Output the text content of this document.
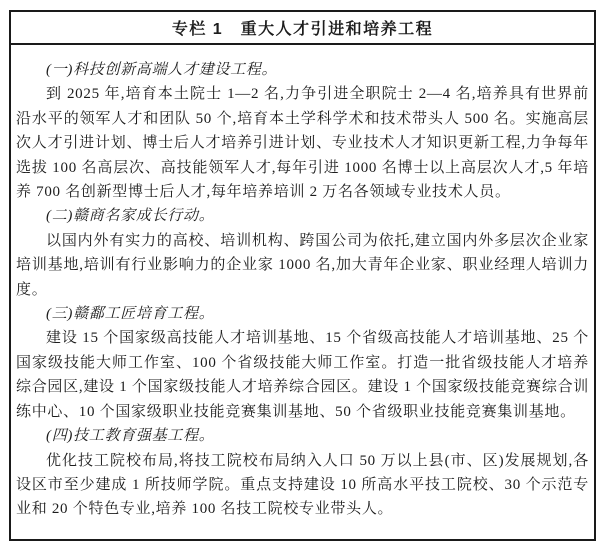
专栏 1　重大人才引进和培养工程

(一)科技创新高端人才建设工程。

到 2025 年,培育本土院士 1—2 名,力争引进全职院士 2—4 名,培养具有世界前沿水平的领军人才和团队 50 个,培育本土学科学术和技术带头人 500 名。实施高层次人才引进计划、博士后人才培养引进计划、专业技术人才知识更新工程,力争每年选拔 100 名高层次、高技能领军人才,每年引进 1000 名博士以上高层次人才,5 年培养 700 名创新型博士后人才,每年培养培训 2 万名各领域专业技术人员。

(二)赣商名家成长行动。

以国内外有实力的高校、培训机构、跨国公司为依托,建立国内外多层次企业家培训基地,培训有行业影响力的企业家 1000 名,加大青年企业家、职业经理人培训力度。

(三)赣鄱工匠培育工程。

建设 15 个国家级高技能人才培训基地、15 个省级高技能人才培训基地、25 个国家级技能大师工作室、100 个省级技能大师工作室。打造一批省级技能人才培养综合园区,建设 1 个国家级技能人才培养综合园区。建设 1 个国家级技能竞赛综合训练中心、10 个国家级职业技能竞赛集训基地、50 个省级职业技能竞赛集训基地。

(四)技工教育强基工程。

优化技工院校布局,将技工院校布局纳入人口 50 万以上县(市、区)发展规划,各设区市至少建成 1 所技师学院。重点支持建设 10 所高水平技工院校、30 个示范专业和 20 个特色专业,培养 100 名技工院校专业带头人。
